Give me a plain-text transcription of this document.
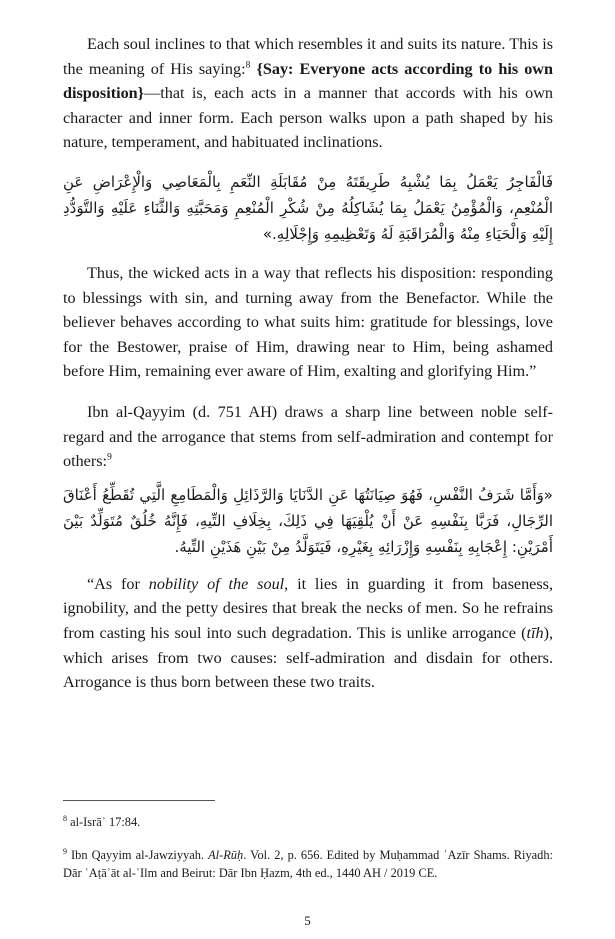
Each soul inclines to that which resembles it and suits its nature. This is the meaning of His saying:$^8$ {Say: Everyone acts according to his own disposition}—that is, each acts in a manner that accords with his own character and inner form. Each person walks upon a path shaped by his nature, temperament, and habituated inclinations.

فَالْفَاجِرُ يَعْمَلُ بِمَا يُشْبِهُ طَرِيقَتَهُ مِنْ مُقَابَلَةِ النِّعَمِ بِالْمَعَاصِي وَالْإِعْرَاضِ عَنِ الْمُنْعِمِ، وَالْمُؤْمِنُ يَعْمَلُ بِمَا يُشَاكِلُهُ مِنْ شُكْرِ الْمُنْعِمِ وَمَحَبَّتِهِ وَالثَّنَاءِ عَلَيْهِ وَالتَّوَدُّدِ إِلَيْهِ وَالْحَيَاءِ مِنْهُ وَالْمُرَاقَبَةِ لَهُ وَتَعْظِيمِهِ وَإِجْلَالِهِ.»

Thus, the wicked acts in a way that reflects his disposition: responding to blessings with sin, and turning away from the Benefactor. While the believer behaves according to what suits him: gratitude for blessings, love for the Bestower, praise of Him, drawing near to Him, being ashamed before Him, remaining ever aware of Him, exalting and glorifying Him.”

Ibn al-Qayyim (d. 751 AH) draws a sharp line between noble self-regard and the arrogance that stems from self-admiration and contempt for others:$^9$

«وَأَمَّا شَرَفُ النَّفْسِ، فَهُوَ صِيَانَتُهَا عَنِ الدَّنَايَا وَالرَّذَائِلِ وَالْمَطَامِعِ الَّتِي تُقَطِّعُ أَعْنَاقَ الرِّجَالِ، فَرَبَّا بِنَفْسِهِ عَنْ أَنْ يُلْقِيَهَا فِي ذَلِكَ، بِخِلَافِ التِّيهِ، فَإِنَّهُ خُلُقٌ مُتَوَلِّدٌ بَيْنَ أَمْرَيْنِ: إِعْجَابِهِ بِنَفْسِهِ وَإِزْرَائِهِ بِغَيْرِهِ، فَيَتَوَلَّدُ مِنْ بَيْنِ هَذَيْنِ التِّيهُ.

“As for nobility of the soul, it lies in guarding it from baseness, ignobility, and the petty desires that break the necks of men. So he refrains from casting his soul into such degradation. This is unlike arrogance (tīh), which arises from two causes: self-admiration and disdain for others. Arrogance is thus born between these two traits.

$^8$ al-Isrāʾ 17:84.

$^9$ Ibn Qayyim al-Jawziyyah. Al-Rūḥ. Vol. 2, p. 656. Edited by Muḥammad ʿAzīr Shams. Riyadh: Dār ʿAṭāʾāt al-ʿIlm and Beirut: Dār Ibn Ḥazm, 4th ed., 1440 AH / 2019 CE.

5
